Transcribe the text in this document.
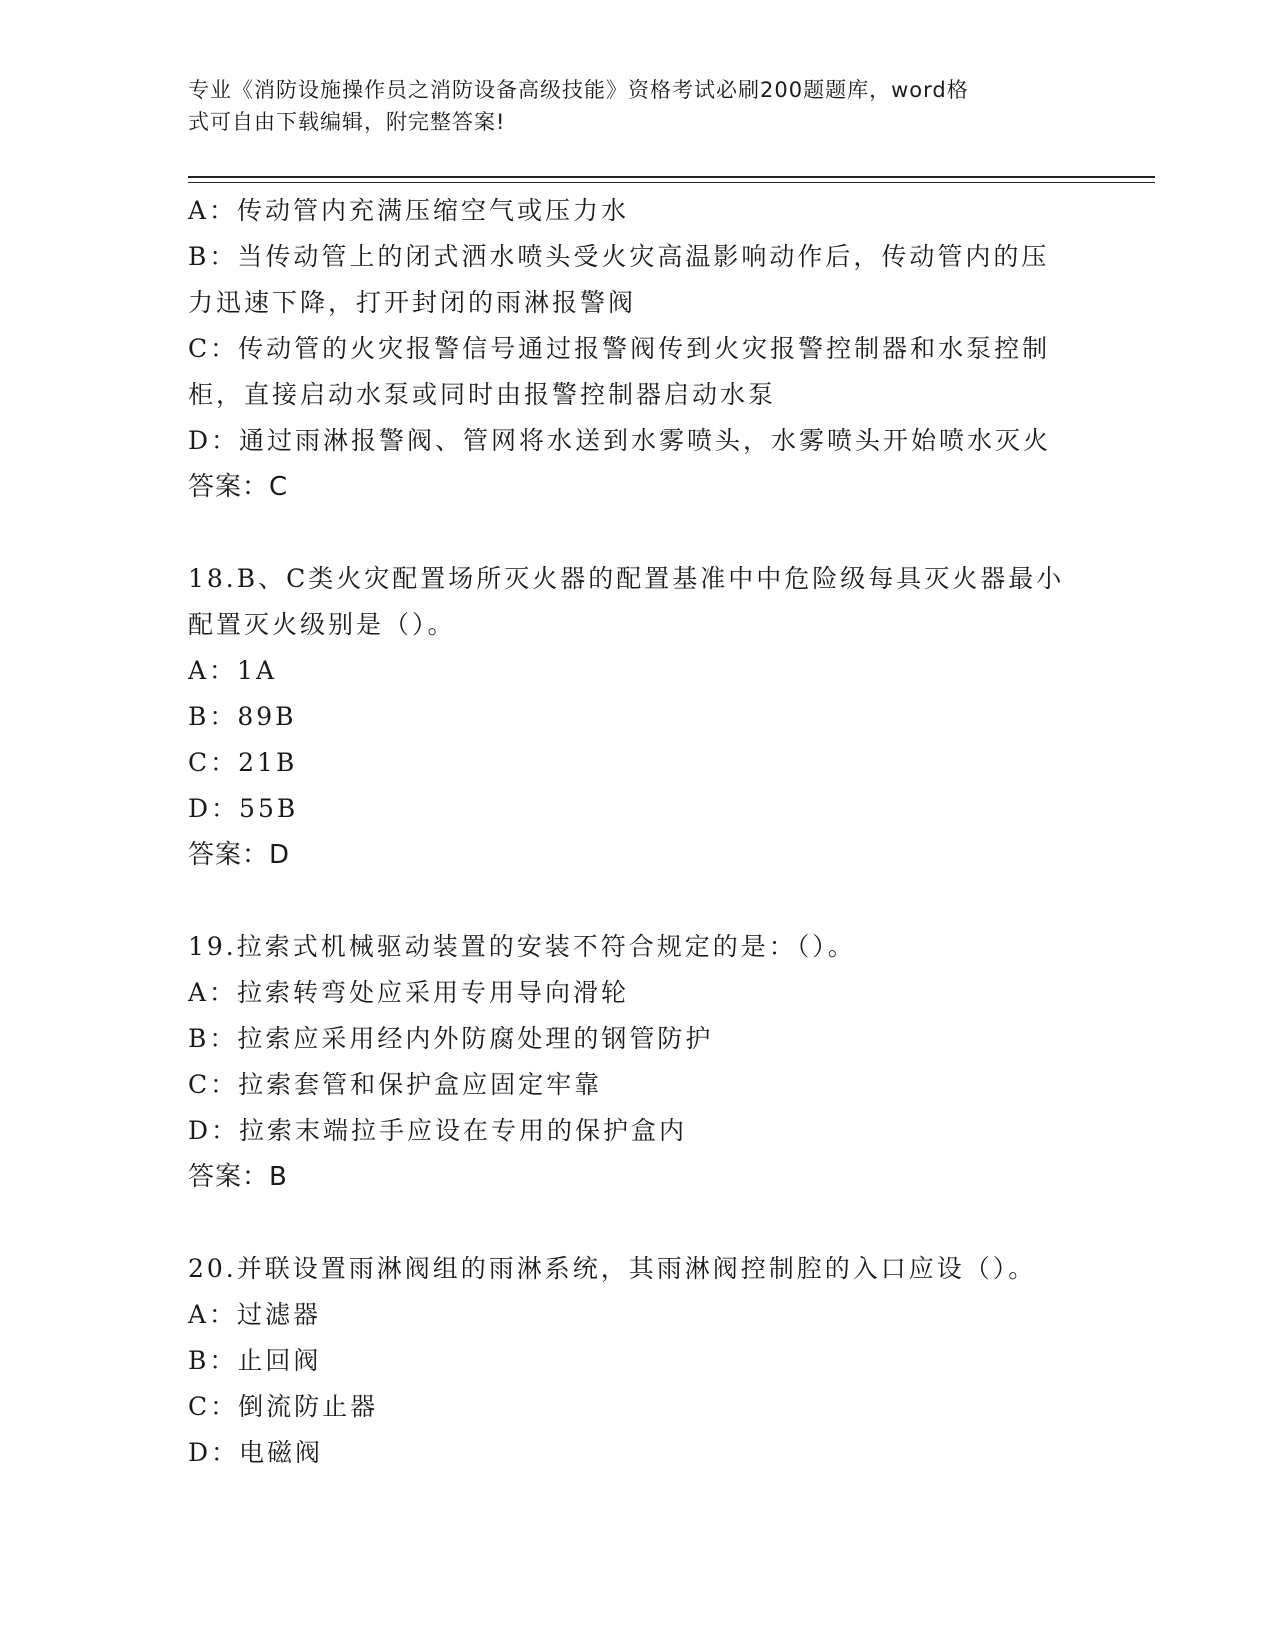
专业《消防设施操作员之消防设备高级技能》资格考试必刷200题题库，word格
式可自由下载编辑，附完整答案!

A：传动管内充满压缩空气或压力水

B：当传动管上的闭式洒水喷头受火灾高温影响动作后，传动管内的压

力迅速下降，打开封闭的雨淋报警阀

C：传动管的火灾报警信号通过报警阀传到火灾报警控制器和水泵控制

柜，直接启动水泵或同时由报警控制器启动水泵

D：通过雨淋报警阀、管网将水送到水雾喷头，水雾喷头开始喷水灭火

答案：C

18.B、C类火灾配置场所灭火器的配置基准中中危险级每具灭火器最小

配置灭火级别是（）。

A：1A

B：89B

C：21B

D：55B

答案：D

19.拉索式机械驱动装置的安装不符合规定的是：（）。

A：拉索转弯处应采用专用导向滑轮

B：拉索应采用经内外防腐处理的钢管防护

C：拉索套管和保护盒应固定牢靠

D：拉索末端拉手应设在专用的保护盒内

答案：B

20.并联设置雨淋阀组的雨淋系统，其雨淋阀控制腔的入口应设（）。

A：过滤器

B：止回阀

C：倒流防止器

D：电磁阀
